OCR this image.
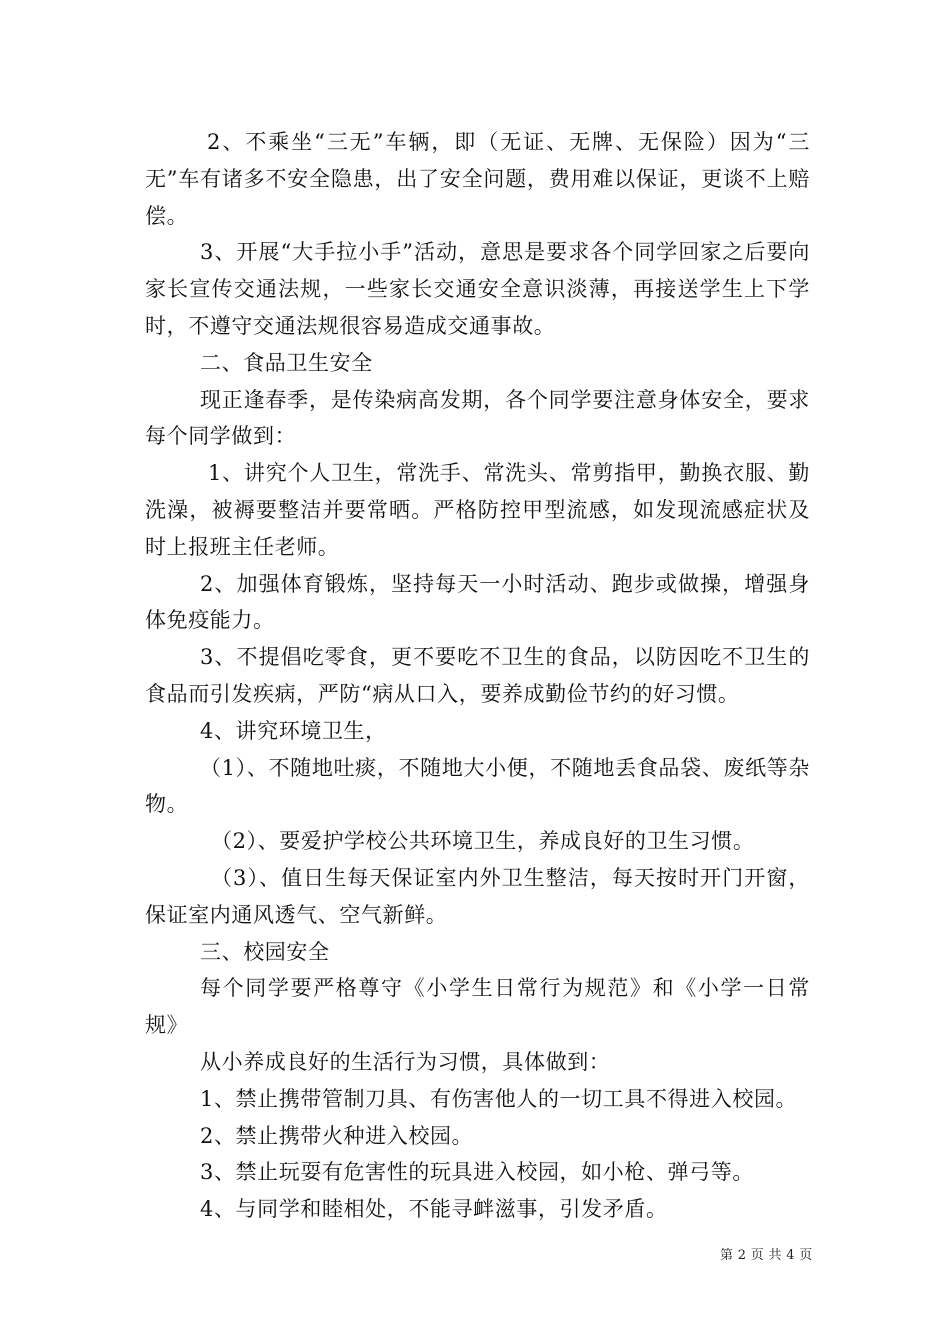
2、不乘坐“三无”车辆，即（无证、无牌、无保险）因为“三无”车有诸多不安全隐患，出了安全问题，费用难以保证，更谈不上赔偿。

3、开展“大手拉小手”活动，意思是要求各个同学回家之后要向家长宣传交通法规，一些家长交通安全意识淡薄，再接送学生上下学时，不遵守交通法规很容易造成交通事故。

二、食品卫生安全

现正逢春季，是传染病高发期，各个同学要注意身体安全，要求每个同学做到：

1、讲究个人卫生，常洗手、常洗头、常剪指甲，勤换衣服、勤洗澡，被褥要整洁并要常晒。严格防控甲型流感，如发现流感症状及时上报班主任老师。

2、加强体育锻炼，坚持每天一小时活动、跑步或做操，增强身体免疫能力。

3、不提倡吃零食，更不要吃不卫生的食品，以防因吃不卫生的食品而引发疾病，严防“病从口入，要养成勤俭节约的好习惯。

4、讲究环境卫生，

（1）、不随地吐痰，不随地大小便，不随地丢食品袋、废纸等杂物。

（2）、要爱护学校公共环境卫生，养成良好的卫生习惯。

（3）、值日生每天保证室内外卫生整洁，每天按时开门开窗，保证室内通风透气、空气新鲜。

三、校园安全

每个同学要严格尊守《小学生日常行为规范》和《小学一日常规》

从小养成良好的生活行为习惯，具体做到：

1、禁止携带管制刀具、有伤害他人的一切工具不得进入校园。

2、禁止携带火种进入校园。

3、禁止玩耍有危害性的玩具进入校园，如小枪、弹弓等。

4、与同学和睦相处，不能寻衅滋事，引发矛盾。

第 2 页 共 4 页
